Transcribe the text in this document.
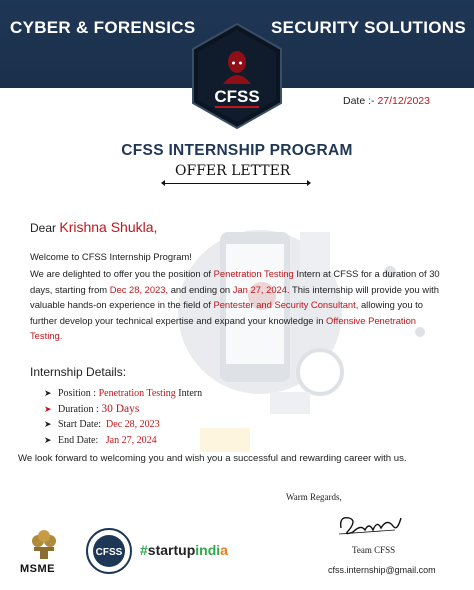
CYBER & FORENSICS	SECURITY SOLUTIONS
CFSS	Date :- 27/12/2023
CFSS INTERNSHIP PROGRAM
OFFER LETTER
Dear Krishna Shukla,
Welcome to CFSS Internship Program!
We are delighted to offer you the position of Penetration Testing Intern at CFSS for a duration of 30 days, starting from Dec 28, 2023, and ending on Jan 27, 2024. This internship will provide you with valuable hands-on experience in the field of Pentester and Security Consultant, allowing you to further develop your technical expertise and expand your knowledge in Offensive Penetration Testing.
Internship Details:
➤ Position : Penetration Testing Intern
➤ Duration : 30 Days
➤ Start Date: Dec 28, 2023
➤ End Date: Jan 27, 2024
We look forward to welcoming you and wish you a successful and rewarding career with us.
Warm Regards,
Team CFSS
cfss.internship@gmail.com
MSME
CFSS #startupindia
